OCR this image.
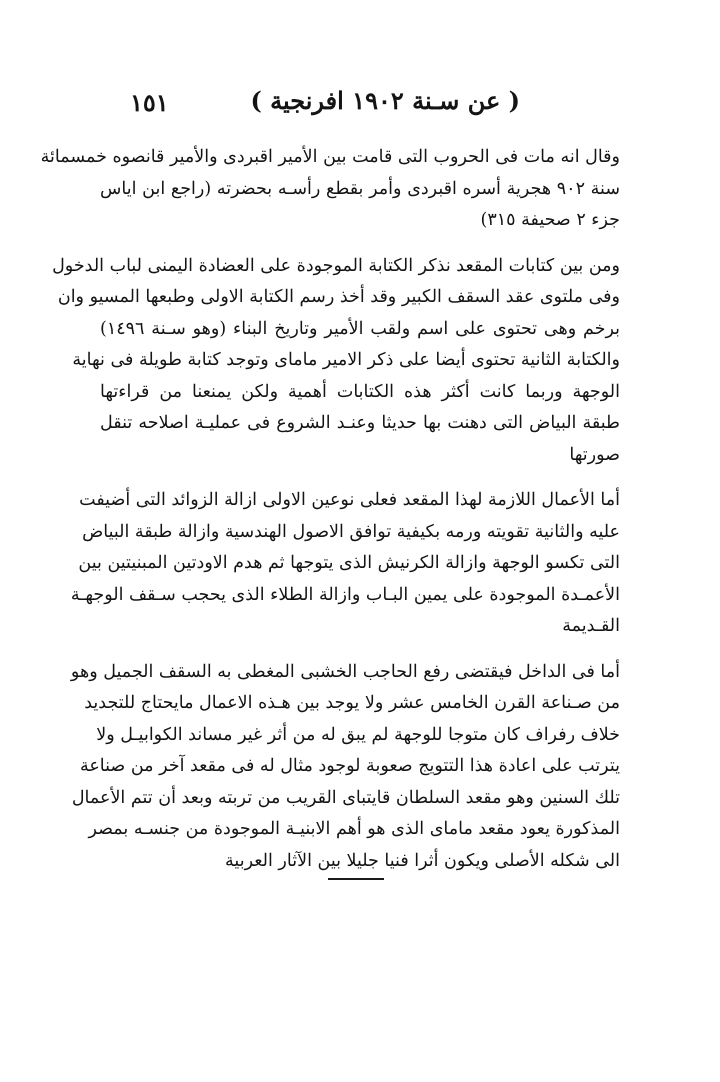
( عن سـنة ١٩٠٢ افرنجية )
١٥١

وقال انه مات فى الحروب التى قامت بين الأمير اقبردى والأمير قانصوه خمسمائة
سنة ٩٠٢ هجرية أسره اقبردى وأمر بقطع رأسـه بحضرته (راجع ابن اياس
جزء ٢ صحيفة ٣١٥)

ومن بين كتابات المقعد نذكر الكتابة الموجودة على العضادة اليمنى لباب الدخول
وفى ملتوى عقد السقف الكبير وقد أخذ رسم الكتابة الاولى وطبعها المسيو وان
برخم وهى تحتوى على اسم ولقب الأمير وتاريخ البناء (وهو سـنة ١٤٩٦)
والكتابة الثانية تحتوى أيضا على ذكر الامير ماماى وتوجد كتابة طويلة فى نهاية
الوجهة وربما كانت أكثر هذه الكتابات أهمية ولكن يمنعنا من قراءتها
طبقة البياض التى دهنت بها حديثا وعنـد الشروع فى عمليـة اصلاحه تنقل
صورتها

أما الأعمال اللازمة لهذا المقعد فعلى نوعين الاولى ازالة الزوائد التى أضيفت
عليه والثانية تقويته ورمه بكيفية توافق الاصول الهندسية وازالة طبقة البياض
التى تكسو الوجهة وازالة الكرنيش الذى يتوجها ثم هدم الاودتين المبنيتين بين
الأعمـدة الموجودة على يمين البـاب وازالة الطلاء الذى يحجب سـقف الوجهـة
القـديمة

أما فى الداخل فيقتضى رفع الحاجب الخشبى المغطى به السقف الجميل وهو
من صـناعة القرن الخامس عشر ولا يوجد بين هـذه الاعمال مايحتاج للتجديد
خلاف رفراف كان متوجا للوجهة لم يبق له من أثر غير مساند الكوابيـل ولا
يترتب على اعادة هذا التتويج صعوبة لوجود مثال له فى مقعد آخر من صناعة
تلك السنين وهو مقعد السلطان قايتباى القريب من تربته وبعد أن تتم الأعمال
المذكورة يعود مقعد ماماى الذى هو أهم الابنيـة الموجودة من جنسـه بمصر
الى شكله الأصلى ويكون أثرا فنيا جليلا بين الآثار العربية
